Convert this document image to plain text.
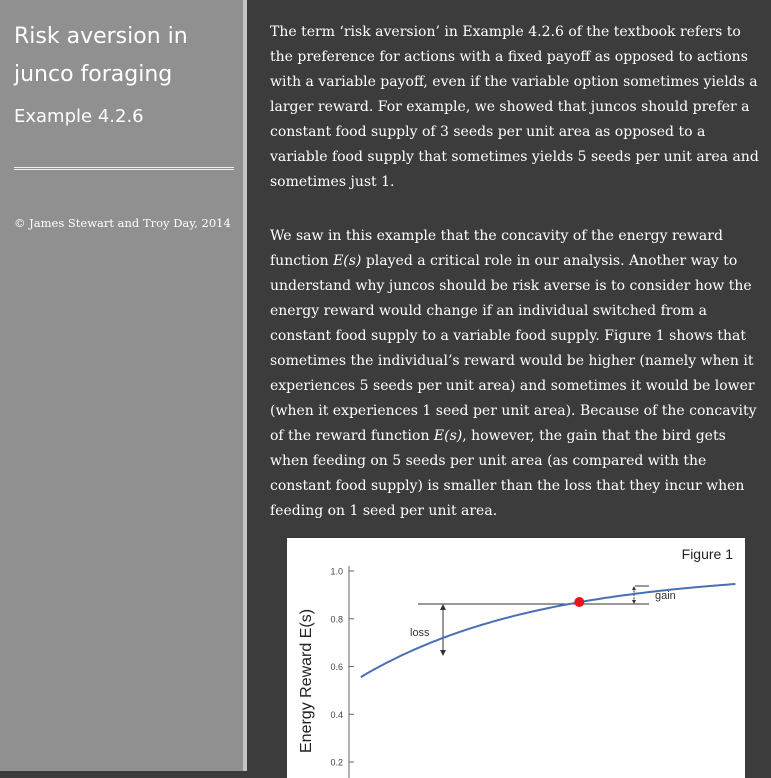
Risk aversion in junco foraging
Example 4.2.6
© James Stewart and Troy Day, 2014

The term ‘risk aversion’ in Example 4.2.6 of the textbook refers to the preference for actions with a fixed payoff as opposed to actions with a variable payoff, even if the variable option sometimes yields a larger reward. For example, we showed that juncos should prefer a constant food supply of 3 seeds per unit area as opposed to a variable food supply that sometimes yields 5 seeds per unit area and sometimes just 1.

We saw in this example that the concavity of the energy reward function E(s) played a critical role in our analysis. Another way to understand why juncos should be risk averse is to consider how the energy reward would change if an individual switched from a constant food supply to a variable food supply. Figure 1 shows that sometimes the individual’s reward would be higher (namely when it experiences 5 seeds per unit area) and sometimes it would be lower (when it experiences 1 seed per unit area). Because of the concavity of the reward function E(s), however, the gain that the bird gets when feeding on 5 seeds per unit area (as compared with the constant food supply) is smaller than the loss that they incur when feeding on 1 seed per unit area.

Figure 1
Energy Reward E(s)
0.2
0.4
0.6
0.8
1.0
loss
gain
